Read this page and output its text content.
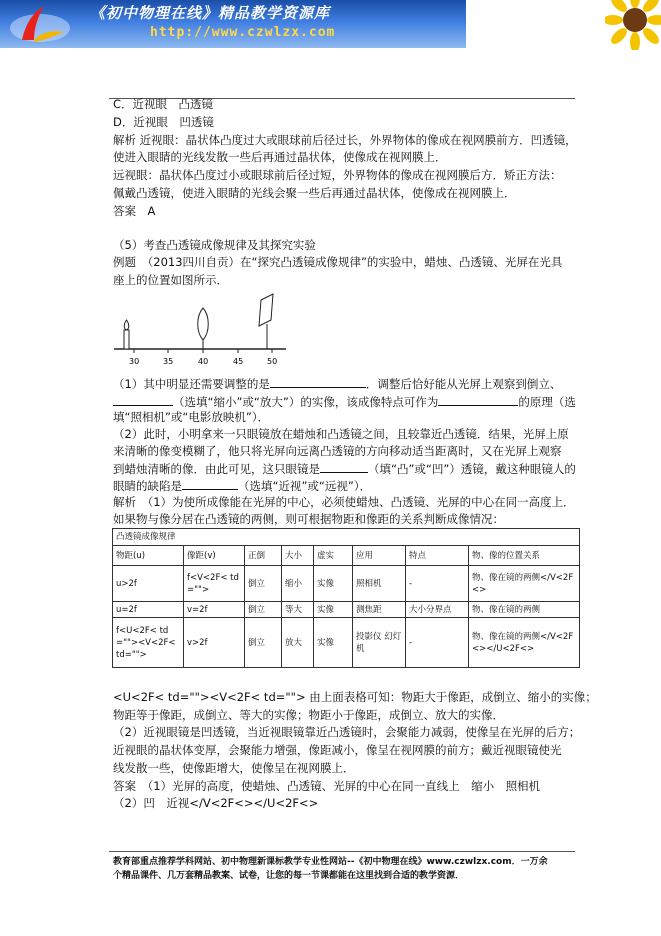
《初中物理在线》精品教学资源库
http://www.czwlzx.com
C．近视眼　凸透镜
D．近视眼　凹透镜
解析 近视眼：晶状体凸度过大或眼球前后径过长，外界物体的像成在视网膜前方．凹透镜，
使进入眼睛的光线发散一些后再通过晶状体，使像成在视网膜上．
远视眼：晶状体凸度过小或眼球前后径过短，外界物体的像成在视网膜后方．矫正方法：
佩戴凸透镜，使进入眼睛的光线会聚一些后再通过晶状体，使像成在视网膜上．
答案　A
（5）考查凸透镜成像规律及其探究实验
例题　（2013四川自贡）在“探究凸透镜成像规律”的实验中，蜡烛、凸透镜、光屏在光具
座上的位置如图所示．
30	35	40	45	50
（1）其中明显还需要调整的是	．调整后恰好能从光屏上观察到倒立、
（选填“缩小”或“放大”）的实像，该成像特点可作为	的原理（选
填“照相机”或“电影放映机”）．
（2）此时，小明拿来一只眼镜放在蜡烛和凸透镜之间，且较靠近凸透镜．结果，光屏上原
来清晰的像变模糊了，他只将光屏向远离凸透镜的方向移动适当距离时，又在光屏上观察
到蜡烛清晰的像．由此可见，这只眼镜是	（填“凸”或“凹”）透镜，戴这种眼镜人的
眼睛的缺陷是	（选填“近视”或“远视”）．
解析　（1）为使所成像能在光屏的中心，必须使蜡烛、凸透镜、光屏的中心在同一高度上．
如果物与像分居在凸透镜的两侧，则可根据物距和像距的关系判断成像情况：
凸透镜成像规律							
物距(u)	像距(v)	正倒	大小	虚实	应用	特点	物、像的位置关系
u>2f	f<V<2F< td="">	倒立	缩小	实像	照相机	-	物、像在镜的两侧</V<2F<>
u=2f	v=2f	倒立	等大	实像	测焦距	大小分界点	物、像在镜的两侧
f<U<2F< td=""><V<2F< td="">	v>2f	倒立	放大	实像	投影仪 幻灯机	-	物、像在镜的两侧</V<2F<></U<2F<>
<U<2F< td=""><V<2F< td=""> 由上面表格可知：物距大于像距，成倒立、缩小的实像；
物距等于像距，成倒立、等大的实像；物距小于像距，成倒立、放大的实像．
（2）近视眼镜是凹透镜，当近视眼镜靠近凸透镜时，会聚能力减弱，使像呈在光屏的后方；
近视眼的晶状体变厚，会聚能力增强，像距减小，像呈在视网膜的前方；戴近视眼镜使光
线发散一些，使像距增大，使像呈在视网膜上．
答案　（1）光屏的高度，使蜡烛、凸透镜、光屏的中心在同一直线上　缩小　照相机
（2）凹　近视</V<2F<></U<2F<>
教育部重点推荐学科网站、初中物理新课标教学专业性网站--《初中物理在线》www.czwlzx.com．一万余
个精品课件、几万套精品教案、试卷，让您的每一节课都能在这里找到合适的教学资源．
